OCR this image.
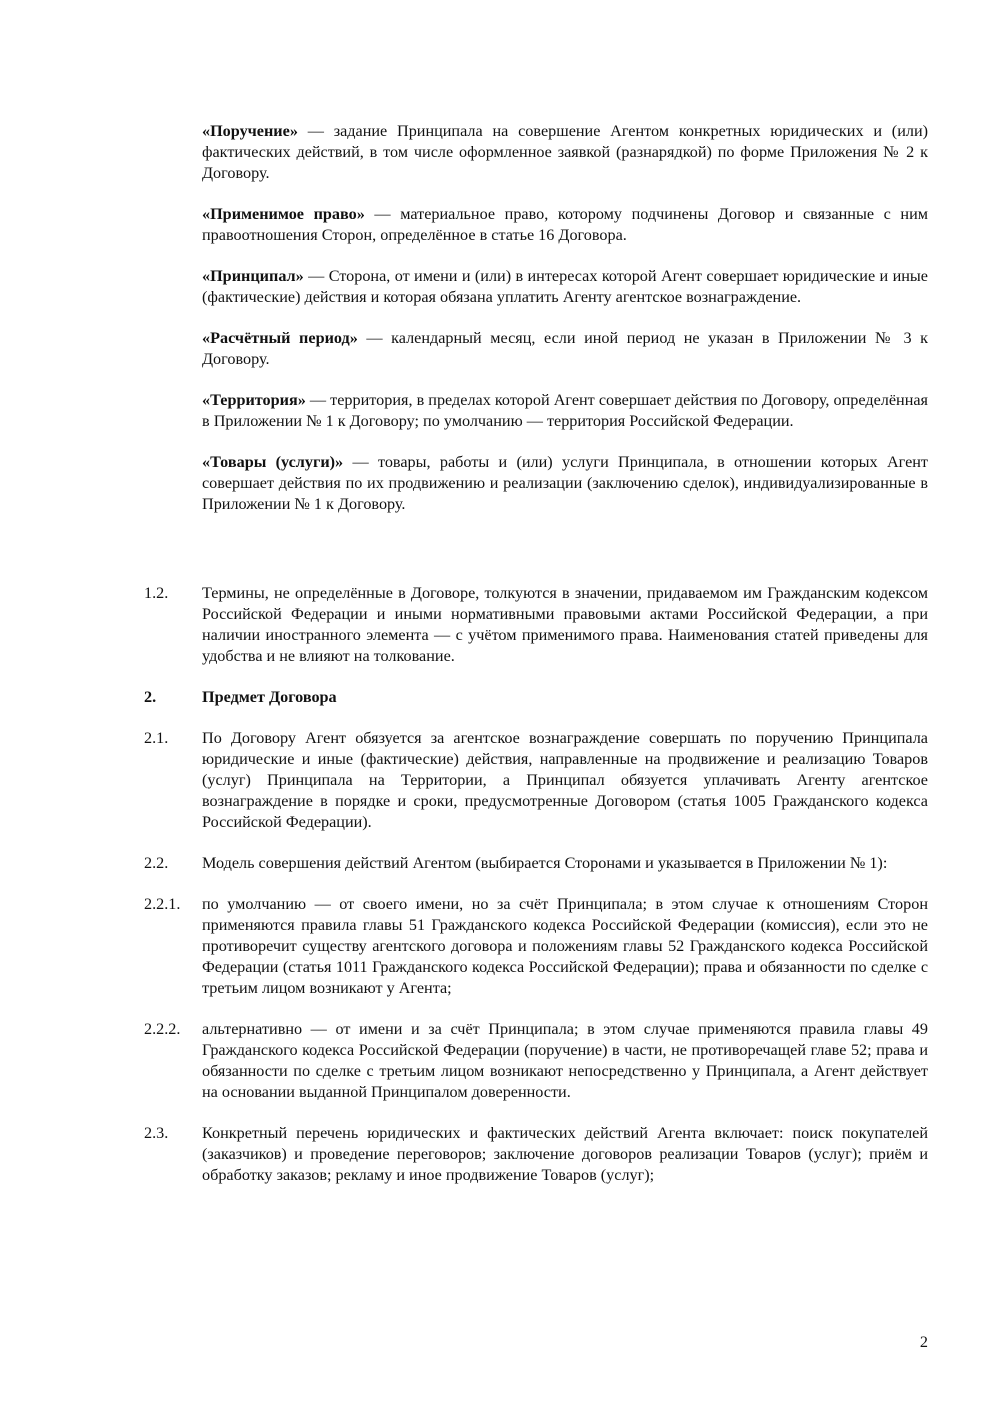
«Поручение» — задание Принципала на совершение Агентом конкретных юридических и (или) фактических действий, в том числе оформленное заявкой (разнарядкой) по форме Приложения № 2 к Договору.

«Применимое право» — материальное право, которому подчинены Договор и связанные с ним правоотношения Сторон, определённое в статье 16 Договора.

«Принципал» — Сторона, от имени и (или) в интересах которой Агент совершает юридические и иные (фактические) действия и которая обязана уплатить Агенту агентское вознаграждение.

«Расчётный период» — календарный месяц, если иной период не указан в Приложении № 3 к Договору.

«Территория» — территория, в пределах которой Агент совершает действия по Договору, определённая в Приложении № 1 к Договору; по умолчанию — территория Российской Федерации.

«Товары (услуги)» — товары, работы и (или) услуги Принципала, в отношении которых Агент совершает действия по их продвижению и реализации (заключению сделок), индивидуализированные в Приложении № 1 к Договору.

1.2.	Термины, не определённые в Договоре, толкуются в значении, придаваемом им Гражданским кодексом Российской Федерации и иными нормативными правовыми актами Российской Федерации, а при наличии иностранного элемента — с учётом применимого права. Наименования статей приведены для удобства и не влияют на толкование.
2.	Предмет Договора
2.1.	По Договору Агент обязуется за агентское вознаграждение совершать по поручению Принципала юридические и иные (фактические) действия, направленные на продвижение и реализацию Товаров (услуг) Принципала на Территории, а Принципал обязуется уплачивать Агенту агентское вознаграждение в порядке и сроки, предусмотренные Договором (статья 1005 Гражданского кодекса Российской Федерации).
2.2.	Модель совершения действий Агентом (выбирается Сторонами и указывается в Приложении № 1):
2.2.1.	по умолчанию — от своего имени, но за счёт Принципала; в этом случае к отношениям Сторон применяются правила главы 51 Гражданского кодекса Российской Федерации (комиссия), если это не противоречит существу агентского договора и положениям главы 52 Гражданского кодекса Российской Федерации (статья 1011 Гражданского кодекса Российской Федерации); права и обязанности по сделке с третьим лицом возникают у Агента;
2.2.2.	альтернативно — от имени и за счёт Принципала; в этом случае применяются правила главы 49 Гражданского кодекса Российской Федерации (поручение) в части, не противоречащей главе 52; права и обязанности по сделке с третьим лицом возникают непосредственно у Принципала, а Агент действует на основании выданной Принципалом доверенности.
2.3.	Конкретный перечень юридических и фактических действий Агента включает: поиск покупателей (заказчиков) и проведение переговоров; заключение договоров реализации Товаров (услуг); приём и обработку заказов; рекламу и иное продвижение Товаров (услуг);
2
